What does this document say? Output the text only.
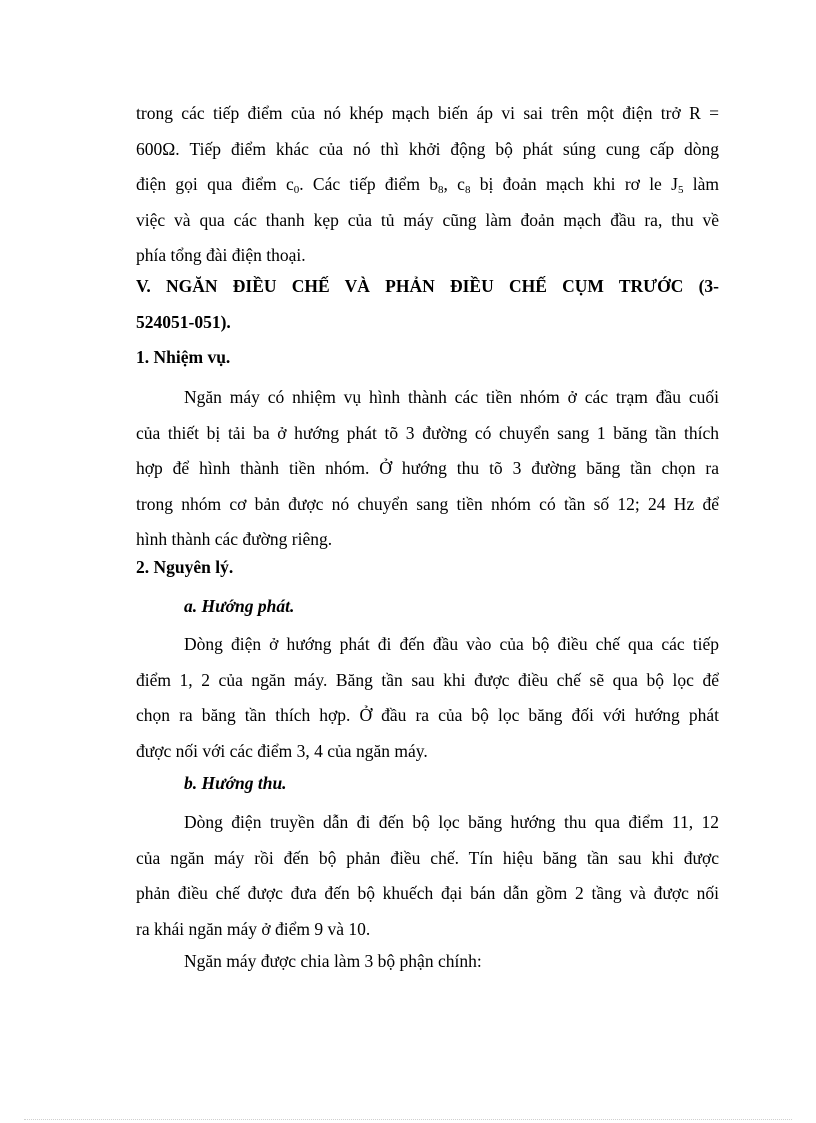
trong các tiếp điểm của nó khép mạch biến áp vi sai trên một điện trở R =
600Ω. Tiếp điểm khác của nó thì khởi động bộ phát súng cung cấp dòng
điện gọi qua điểm $c_0$. Các tiếp điểm $b_8$, $c_8$ bị đoản mạch khi rơ le $J_5$ làm
việc và qua các thanh kẹp của tủ máy cũng làm đoản mạch đầu ra, thu về
phía tổng đài điện thoại.
V. NGĂN ĐIỀU CHẾ VÀ PHẢN ĐIỀU CHẾ CỤM TRƯỚC (3-
524051-051).
1. Nhiệm vụ.
Ngăn máy có nhiệm vụ hình thành các tiền nhóm ở các trạm đầu cuối
của thiết bị tải ba ở hướng phát tõ 3 đường có chuyển sang 1 băng tần thích
hợp để hình thành tiền nhóm. Ở hướng thu tõ 3 đường băng tần chọn ra
trong nhóm cơ bản được nó chuyển sang tiền nhóm có tần số 12; 24 Hz để
hình thành các đường riêng.
2. Nguyên lý.

a. Hướng phát.

Dòng điện ở hướng phát đi đến đầu vào của bộ điều chế qua các tiếp
điểm 1, 2 của ngăn máy. Băng tần sau khi được điều chế sẽ qua bộ lọc để
chọn ra băng tần thích hợp. Ở đầu ra của bộ lọc băng đối với hướng phát
được nối với các điểm 3, 4 của ngăn máy.

b. Hướng thu.

Dòng điện truyền dẫn đi đến bộ lọc băng hướng thu qua điểm 11, 12
của ngăn máy rồi đến bộ phản điều chế. Tín hiệu băng tần sau khi được
phản điều chế được đưa đến bộ khuếch đại bán dẫn gồm 2 tầng và được nối
ra khái ngăn máy ở điểm 9 và 10.
Ngăn máy được chia làm 3 bộ phận chính:
